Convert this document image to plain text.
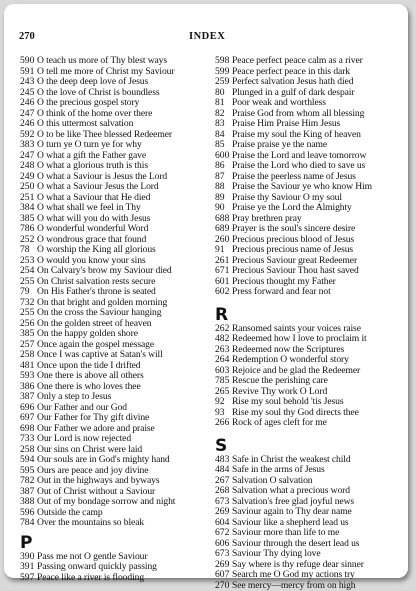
270	INDEX
590 O teach us more of Thy blest ways
591 O tell me more of Christ my Saviour
243 O the deep deep love of Jesus
245 O the love of Christ is boundless
246 O the precious gospel story
247 O think of the home over there
246 O this uttermost salvation
592 O to be like Thee blessed Redeemer
383 O turn ye O turn ye for why
247 O what a gift the Father gave
248 O what a glorious truth is this
249 O what a Saviour is Jesus the Lord
250 O what a Saviour Jesus the Lord
251 O what a Saviour that He died
384 O what shall we feel in Thy
385 O what will you do with Jesus
786 O wonderful wonderful Word
252 O wondrous grace that found
78 O worship the King all glorious
253 O would you know your sins
254 On Calvary's brow my Saviour died
255 On Christ salvation rests secure
79 On His Father's throne is seated
732 On that bright and golden morning
255 On the cross the Saviour hanging
256 On the golden street of heaven
385 On the happy golden shore
257 Once again the gospel message
258 Once I was captive at Satan's will
481 Once upon the tide I drifted
593 One there is above all others
386 One there is who loves thee
387 Only a step to Jesus
696 Our Father and our God
697 Our Father for Thy gift divine
698 Our Father we adore and praise
733 Our Lord is now rejected
258 Our sins on Christ were laid
594 Our souls are in God's mighty hand
595 Ours are peace and joy divine
782 Out in the highways and byways
387 Out of Christ without a Saviour
388 Out of my bondage sorrow and night
596 Outside the camp
784 Over the mountains so bleak
P
390 Pass me not O gentle Saviour
391 Passing onward quickly passing
597 Peace like a river is flooding
598 Peace perfect peace calm as a river
599 Peace perfect peace in this dark
259 Perfect salvation Jesus hath died
80 Plunged in a gulf of dark despair
81 Poor weak and worthless
82 Praise God from whom all blessing
83 Praise Him Praise Him Jesus
84 Praise my soul the King of heaven
85 Praise praise ye the name
600 Praise the Lord and leave tomorrow
86 Praise the Lord who died to save us
87 Praise the peerless name of Jesus
88 Praise the Saviour ye who know Him
89 Praise thy Saviour O my soul
90 Praise ye the Lord the Almighty
688 Pray brethren pray
689 Prayer is the soul's sincere desire
260 Precious precious blood of Jesus
91 Precious precious name of Jesus
261 Precious Saviour great Redeemer
671 Precious Saviour Thou hast saved
601 Precious thought my Father
602 Press forward and fear not
R
262 Ransomed saints your voices raise
482 Redeemed how I love to proclaim it
263 Redeemed now the Scriptures
264 Redemption O wonderful story
603 Rejoice and be glad the Redeemer
785 Rescue the perishing care
265 Revive Thy work O Lord
92 Rise my soul behold 'tis Jesus
93 Rise my soul thy God directs thee
266 Rock of ages cleft for me
S
483 Safe in Christ the weakest child
484 Safe in the arms of Jesus
267 Salvation O salvation
268 Salvation what a precious word
673 Salvation's free glad joyful news
269 Saviour again to Thy dear name
604 Saviour like a shepherd lead us
672 Saviour more than life to me
606 Saviour through the desert lead us
673 Saviour Thy dying love
269 Say where is thy refuge dear sinner
607 Search me O God my actions try
270 See mercy—mercy from on high
